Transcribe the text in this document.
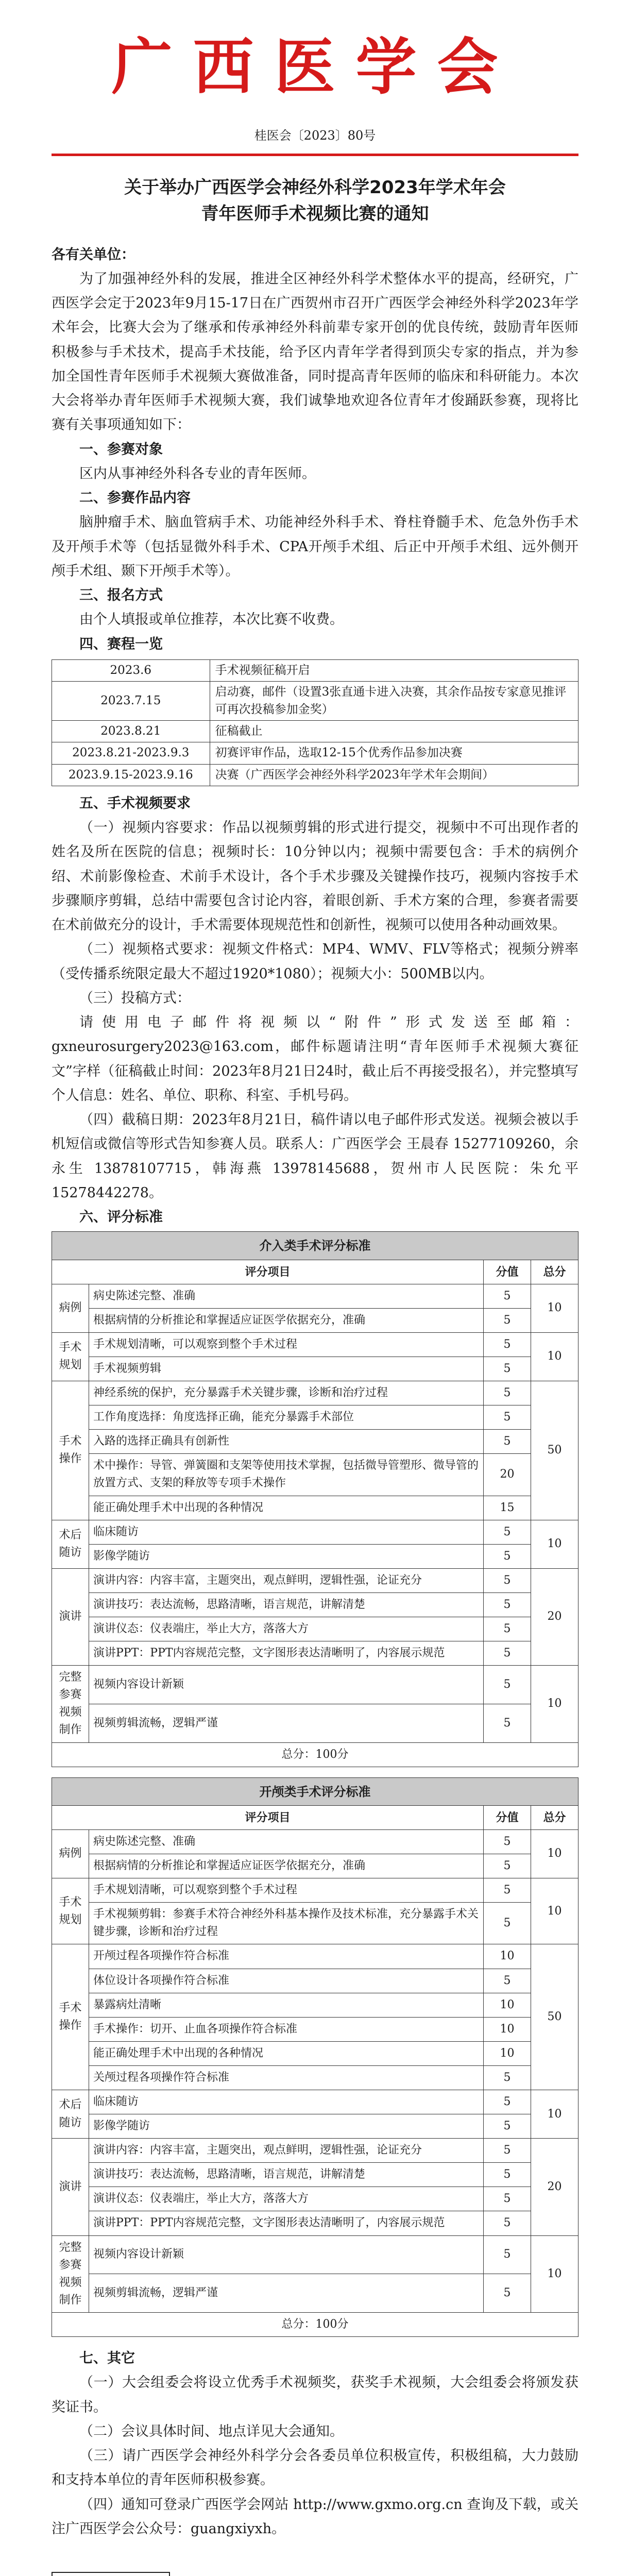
广西医学会
桂医会〔2023〕80号
关于举办广西医学会神经外科学2023年学术年会
青年医师手术视频比赛的通知
各有关单位：

为了加强神经外科的发展，推进全区神经外科学术整体水平的提高，经研究，广西医学会定于2023年9月15-17日在广西贺州市召开广西医学会神经外科学2023年学术年会，比赛大会为了继承和传承神经外科前辈专家开创的优良传统，鼓励青年医师积极参与手术技术，提高手术技能，给予区内青年学者得到顶尖专家的指点，并为参加全国性青年医师手术视频大赛做准备，同时提高青年医师的临床和科研能力。本次大会将举办青年医师手术视频大赛，我们诚挚地欢迎各位青年才俊踊跃参赛，现将比赛有关事项通知如下：

一、参赛对象

区内从事神经外科各专业的青年医师。

二、参赛作品内容

脑肿瘤手术、脑血管病手术、功能神经外科手术、脊柱脊髓手术、危急外伤手术及开颅手术等（包括显微外科手术、CPA开颅手术组、后正中开颅手术组、远外侧开颅手术组、颞下开颅手术等）。

三、报名方式

由个人填报或单位推荐，本次比赛不收费。

四、赛程一览
2023.6	手术视频征稿开启
2023.7.15	启动赛，邮件（设置3张直通卡进入决赛，其余作品按专家意见推评可再次投稿参加金奖）
2023.8.21	征稿截止
2023.8.21-2023.9.3	初赛评审作品，选取12-15个优秀作品参加决赛
2023.9.15-2023.9.16	决赛（广西医学会神经外科学2023年学术年会期间）
五、手术视频要求

（一）视频内容要求：作品以视频剪辑的形式进行提交，视频中不可出现作者的姓名及所在医院的信息；视频时长：10分钟以内；视频中需要包含：手术的病例介绍、术前影像检查、术前手术设计，各个手术步骤及关键操作技巧，视频内容按手术步骤顺序剪辑，总结中需要包含讨论内容，着眼创新、手术方案的合理，参赛者需要在术前做充分的设计，手术需要体现规范性和创新性，视频可以使用各种动画效果。

（二）视频格式要求：视频文件格式：MP4、WMV、FLV等格式；视频分辨率（受传播系统限定最大不超过1920*1080）；视频大小：500MB以内。

（三）投稿方式：

请使用电子邮件将视频以“附件”形式发送至邮箱：gxneurosurgery2023@163.com，邮件标题请注明“青年医师手术视频大赛征文”字样（征稿截止时间：2023年8月21日24时，截止后不再接受报名），并完整填写个人信息：姓名、单位、职称、科室、手机号码。

（四）截稿日期：2023年8月21日，稿件请以电子邮件形式发送。视频会被以手机短信或微信等形式告知参赛人员。联系人：广西医学会 王晨春 15277109260，余永生 13878107715，韩海燕 13978145688，贺州市人民医院：朱允平 15278442278。

六、评分标准
介入类手术评分标准			
评分项目		分值	总分
病例	病史陈述完整、准确	5	10
	根据病情的分析推论和掌握适应证医学依据充分，准确	5	
手术规划	手术规划清晰，可以观察到整个手术过程	5	10
	手术视频剪辑	5	
手术操作	神经系统的保护，充分暴露手术关键步骤，诊断和治疗过程	5	50
	工作角度选择：角度选择正确，能充分暴露手术部位	5	
	入路的选择正确具有创新性	5	
	术中操作：导管、弹簧圈和支架等使用技术掌握，包括微导管塑形、微导管的放置方式、支架的释放等专项手术操作	20	
	能正确处理手术中出现的各种情况	15	
术后随访	临床随访	5	10
	影像学随访	5	
演讲	演讲内容：内容丰富，主题突出，观点鲜明，逻辑性强，论证充分	5	20
	演讲技巧：表达流畅，思路清晰，语言规范，讲解清楚	5	
	演讲仪态：仪表端庄，举止大方，落落大方	5	
	演讲PPT：PPT内容规范完整，文字图形表达清晰明了，内容展示规范	5	
完整参赛视频制作	视频内容设计新颖	5	10
	视频剪辑流畅，逻辑严谨	5	
总分：100分			
开颅类手术评分标准			
评分项目		分值	总分
病例	病史陈述完整、准确	5	10
	根据病情的分析推论和掌握适应证医学依据充分，准确	5	
手术规划	手术规划清晰，可以观察到整个手术过程	5	10
	手术视频剪辑：参赛手术符合神经外科基本操作及技术标准，充分暴露手术关键步骤，诊断和治疗过程	5	
手术操作	开颅过程各项操作符合标准	10	50
	体位设计各项操作符合标准	5	
	暴露病灶清晰	10	
	手术操作：切开、止血各项操作符合标准	10	
	能正确处理手术中出现的各种情况	10	
	关颅过程各项操作符合标准	5	
术后随访	临床随访	5	10
	影像学随访	5	
演讲	演讲内容：内容丰富，主题突出，观点鲜明，逻辑性强，论证充分	5	20
	演讲技巧：表达流畅，思路清晰，语言规范，讲解清楚	5	
	演讲仪态：仪表端庄，举止大方，落落大方	5	
	演讲PPT：PPT内容规范完整，文字图形表达清晰明了，内容展示规范	5	
完整参赛视频制作	视频内容设计新颖	5	10
	视频剪辑流畅，逻辑严谨	5	
总分：100分			
七、其它

（一）大会组委会将设立优秀手术视频奖，获奖手术视频，大会组委会将颁发获奖证书。

（二）会议具体时间、地点详见大会通知。

（三）请广西医学会神经外科学分会各委员单位积极宣传，积极组稿，大力鼓励和支持本单位的青年医师积极参赛。

（四）通知可登录广西医学会网站 http://www.gxmo.org.cn 查询及下载，或关注广西医学会公众号：guangxiyxh。
